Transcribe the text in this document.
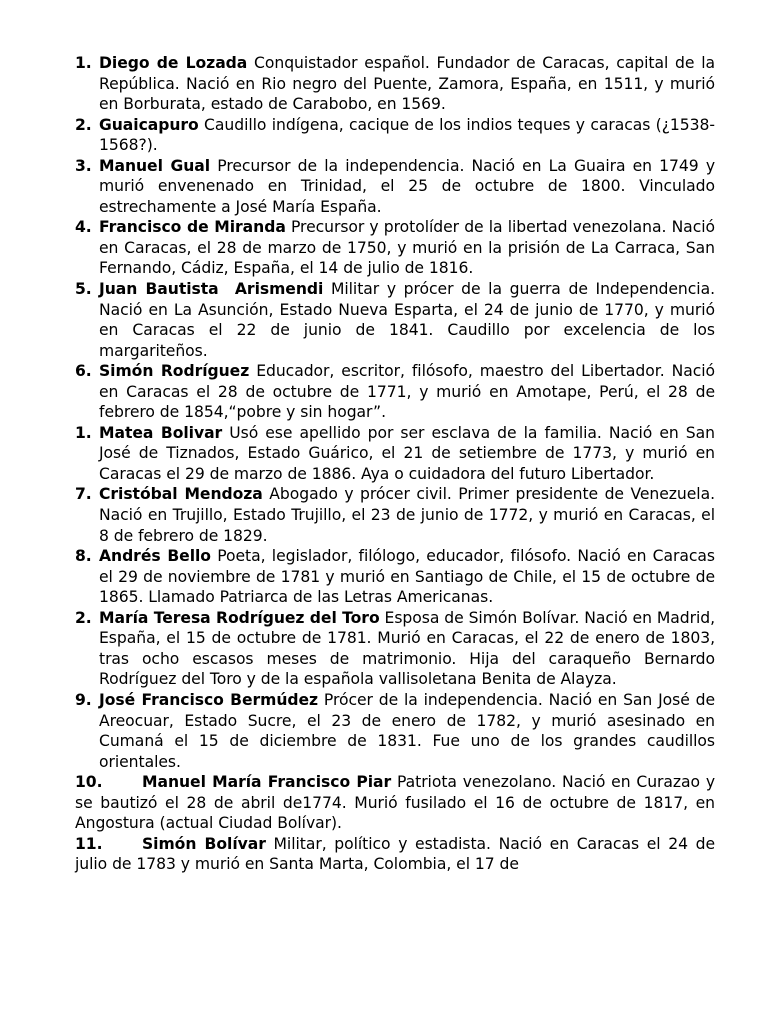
1. Diego de Lozada Conquistador español. Fundador de Caracas, capital de la República. Nació en Rio negro del Puente, Zamora, España, en 1511, y murió en Borburata, estado de Carabobo, en 1569.
2. Guaicapuro Caudillo indígena, cacique de los indios teques y caracas (¿1538-1568?).
3. Manuel Gual Precursor de la independencia. Nació en La Guaira en 1749 y murió envenenado en Trinidad, el 25 de octubre de 1800. Vinculado estrechamente a José María España.
4. Francisco de Miranda Precursor y protolíder de la libertad venezolana. Nació en Caracas, el 28 de marzo de 1750, y murió en la prisión de La Carraca, San Fernando, Cádiz, España, el 14 de julio de 1816.
5. Juan Bautista  Arismendi Militar y prócer de la guerra de Independencia. Nació en La Asunción, Estado Nueva Esparta, el 24 de junio de 1770, y murió en Caracas el 22 de junio de 1841. Caudillo por excelencia de los margariteños.
6. Simón Rodríguez Educador, escritor, filósofo, maestro del Libertador. Nació en Caracas el 28 de octubre de 1771, y murió en Amotape, Perú, el 28 de febrero de 1854,“pobre y sin hogar”.
1. Matea Bolivar Usó ese apellido por ser esclava de la familia. Nació en San José de Tiznados, Estado Guárico, el 21 de setiembre de 1773, y murió en Caracas el 29 de marzo de 1886. Aya o cuidadora del futuro Libertador.
7. Cristóbal Mendoza Abogado y prócer civil. Primer presidente de Venezuela. Nació en Trujillo, Estado Trujillo, el 23 de junio de 1772, y murió en Caracas, el 8 de febrero de 1829.
8. Andrés Bello Poeta, legislador, filólogo, educador, filósofo. Nació en Caracas el 29 de noviembre de 1781 y murió en Santiago de Chile, el 15 de octubre de 1865. Llamado Patriarca de las Letras Americanas.
2. María Teresa Rodríguez del Toro Esposa de Simón Bolívar. Nació en Madrid, España, el 15 de octubre de 1781. Murió en Caracas, el 22 de enero de 1803, tras ocho escasos meses de matrimonio. Hija del caraqueño Bernardo Rodríguez del Toro y de la española vallisoletana Benita de Alayza.
9. José Francisco Bermúdez Prócer de la independencia. Nació en San José de Areocuar, Estado Sucre, el 23 de enero de 1782, y murió asesinado en Cumaná el 15 de diciembre de 1831. Fue uno de los grandes caudillos orientales.
10.	Manuel María Francisco Piar Patriota venezolano. Nació en Curazao y se bautizó el 28 de abril de1774. Murió fusilado el 16 de octubre de 1817, en Angostura (actual Ciudad Bolívar).
11.	Simón Bolívar Militar, político y estadista. Nació en Caracas el 24 de julio de 1783 y murió en Santa Marta, Colombia, el 17 de
